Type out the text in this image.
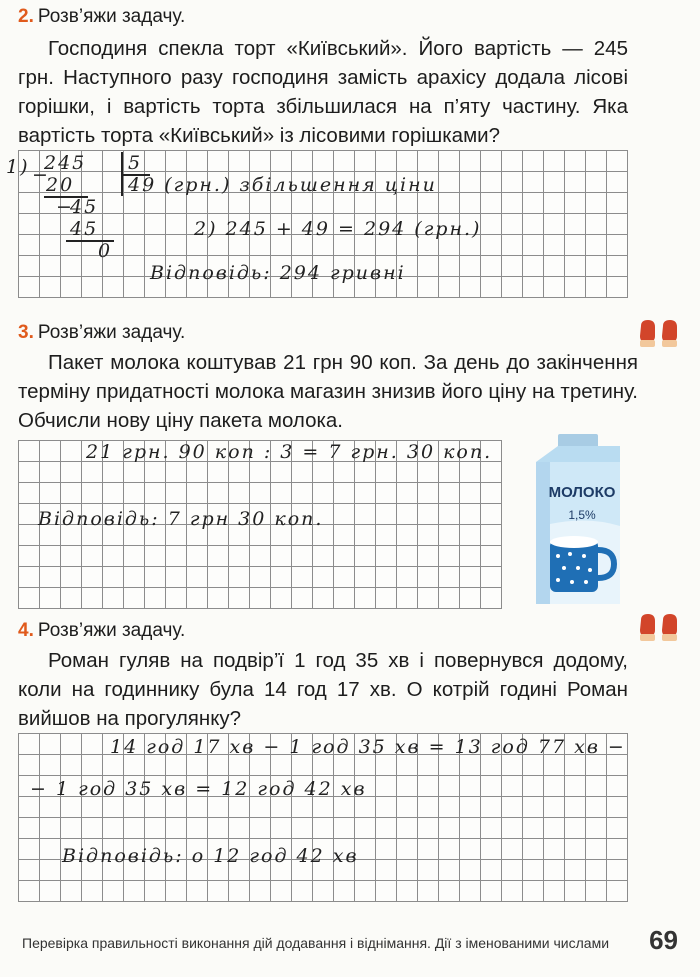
2. Розв’яжи задачу.
Господиня спекла торт «Київський». Його вартість — 245 грн. Наступного разу господиня замість арахісу додала лісові горішки, і вартість торта збільшилася на п’яту частину. Яка вартість торта «Київський» із лісовими горішками?
1) 245 5
−
20	49 (грн.) збільшення ціни
−
45
45
0
2) 245 + 49 = 294 (грн.)
Відповідь: 294 гривні
3. Розв’яжи задачу.
Пакет молока коштував 21 грн 90 коп. За день до закінчення терміну придатності молока магазин знизив його ціну на третину. Обчисли нову ціну пакета молока.
21 грн. 90 коп : 3 = 7 грн. 30 коп.
Відповідь: 7 грн 30 коп.
МОЛОКО
1,5%
4. Розв’яжи задачу.
Роман гуляв на подвір’ї 1 год 35 хв і повернувся додому, коли на годиннику була 14 год 17 хв. О котрій годині Роман вийшов на прогулянку?
14 год 17 хв − 1 год 35 хв = 13 год 77 хв −
− 1 год 35 хв = 12 год 42 хв
Відповідь: о 12 год 42 хв
Перевірка правильності виконання дій додавання і віднімання. Дії з іменованими числами 69
